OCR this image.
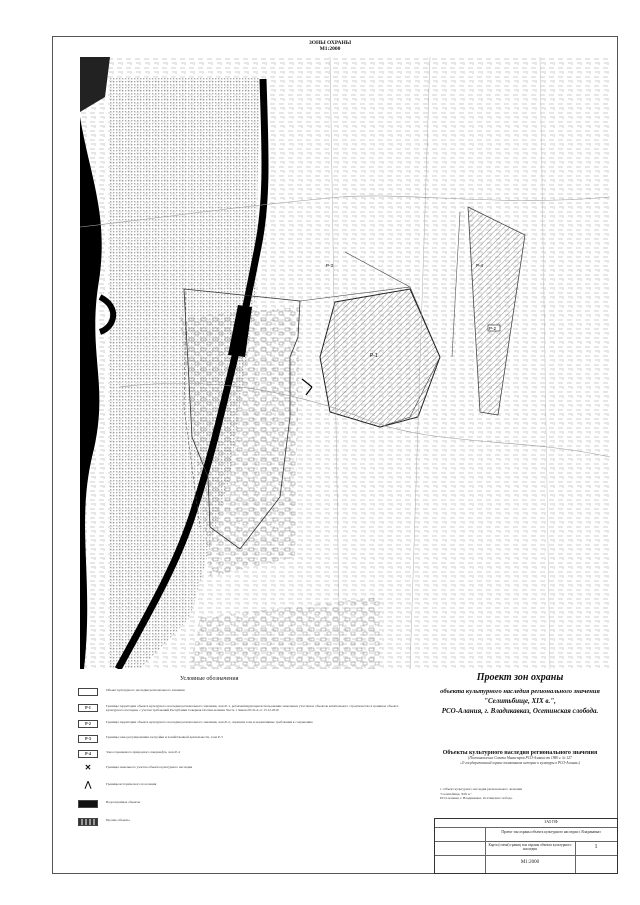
ЗОНЫ ОХРАНЫ
М1:2000
Р-1
Р-2
Р-3	Р-4
Условные обозначения
Объект культурного наследия регионального значения
Р-1	Границы территории объекта культурного наследия регионального значения, зона Р-1, регламентирующая использование земельных участков и объектов капитального строительства в границах объекта культурного наследия, с учетом требований Республики Северная Осетия-Алания. Часть 1 Закона РСО-А от 15.12.2010
Р-2	Границы территории объекта культурного наследия регионального значения, зона Р-2, охранная зона и нормативные требования к сохранению
Р-3	Границы зоны регулирования застройки и хозяйственной деятельности, зона Р-3
Р-4	Зона охраняемого природного ландшафта, зона Р-4
✕	Границы земельного участка объекта культурного наследия
⋀	Границы исторического поселения
Водоохранные объекты
Прочие объекты
Проект зон охраны
объекта культурного наследия регионального значения
"Селитьбище, XIX в.",
РСО-Алания, г. Владикавказ, Осетинская слобода.
Объекты культурного наследия регионального значения
(Постановление Совета Министров РСО-Алания от 1980 г. № 127
«О государственной охране памятников истории и культуры в РСО-Алания»)
1. Объект культурного наследия регионального значения
"Селитьбище, XIX в."
РСО-Алания, г. Владикавказ, Осетинская слобода.
ЗАО ПФ
Проект зон охраны объекта культурного наследия г. Владикавказ
Карта (схема) границ зон охраны объекта культурного наследия	1
М1:2000
